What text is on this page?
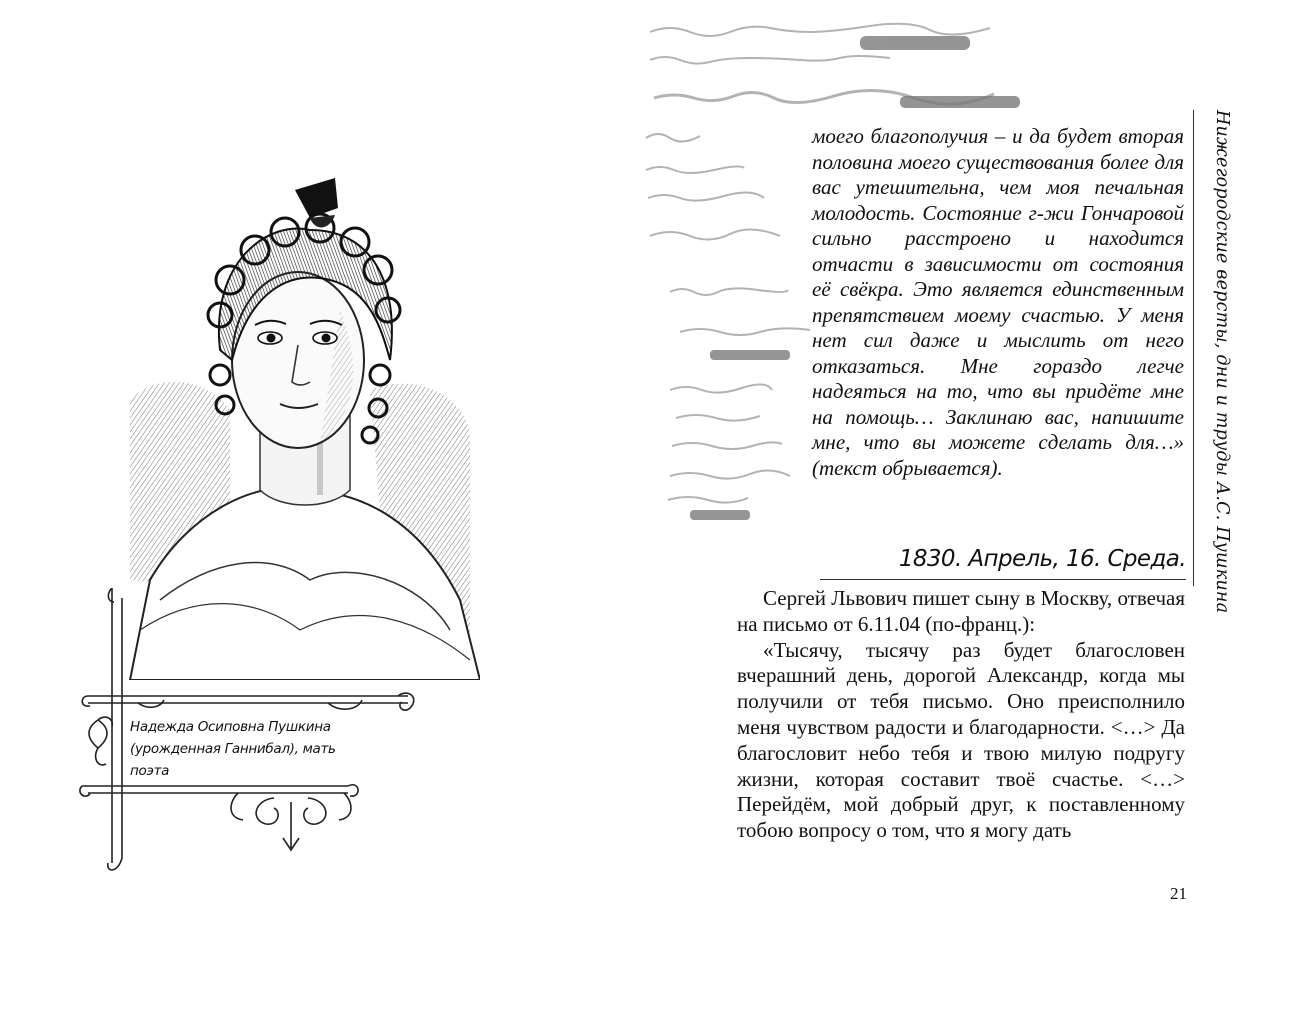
Надежда Осиповна Пушкина
(урожденная Ганнибал), мать поэта

моего благополучия – и да будет вторая половина моего существования более для вас утешительна, чем моя печальная молодость. Состояние г-жи Гончаровой сильно расстроено и находится отчасти в зависимости от состояния её свёкра. Это является единственным препятствием моему счастью. У меня нет сил даже и мыслить от него отказаться. Мне гораздо легче надеяться на то, что вы придёте мне на помощь… Заклинаю вас, напишите мне, что вы можете сделать для…» (текст обрывается).

1830. Апрель, 16. Среда.

Сергей Львович пишет сыну в Москву, отвечая на письмо от 6.11.04 (по-франц.):

«Тысячу, тысячу раз будет благословен вчерашний день, дорогой Александр, когда мы получили от тебя письмо. Оно преисполнило меня чувством радости и благодарности. <…> Да благословит небо тебя и твою милую подругу жизни, которая составит твоё счастье. <…> Перейдём, мой добрый друг, к поставленному тобою вопросу о том, что я могу дать

Нижегородские версты, дни и труды А.С. Пушкина
21
